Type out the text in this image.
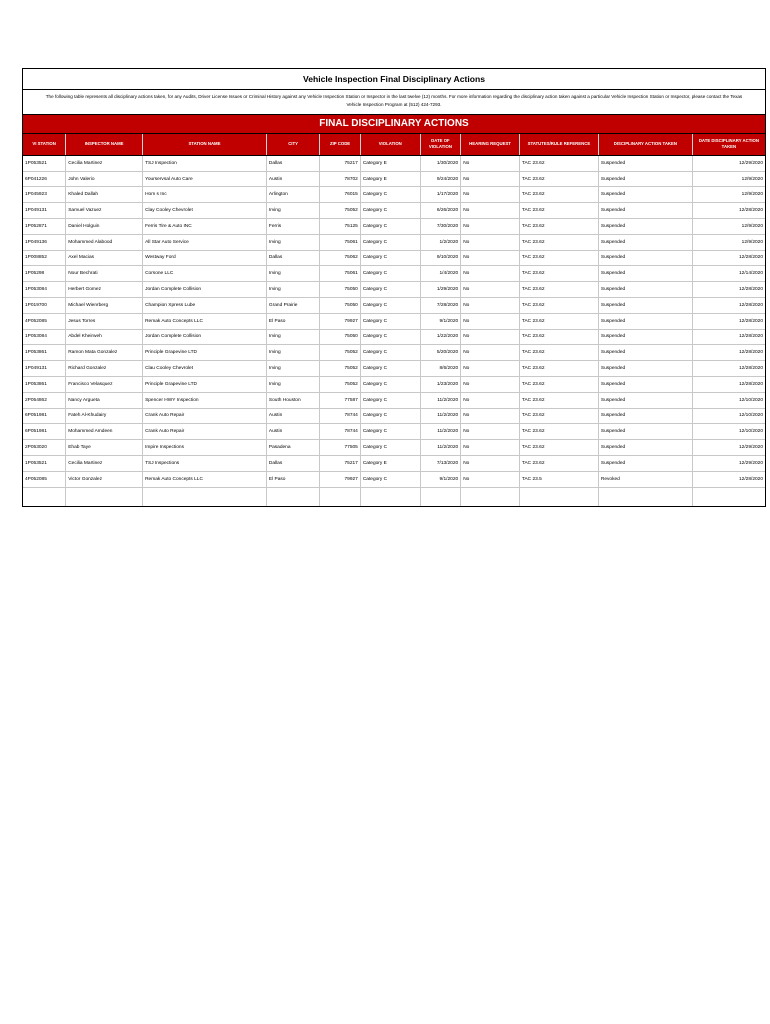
Vehicle Inspection Final Disciplinary Actions
The following table represents all disciplinary actions taken, for any Audits, Driver License Issues or Criminal History against any Vehicle Inspection Station or Inspector in the last twelve (12) months. For more information regarding the disciplinary action taken against a particular Vehicle Inspection Station or Inspector, please contact the Texas Vehicle Inspection Program at (512) 424-7293.
FINAL DISCIPLINARY ACTIONS
VI STATION	INSPECTOR NAME	STATION NAME	CITY	ZIP CODE	VIOLATION	DATE OF VIOLATION	HEARING REQUEST	STATUTES/RULE REFERENCE	DISCIPLINARY ACTION TAKEN	DATE DISCIPLINARY ACTION TAKEN
1P053521	Cecilia Martinez	TSJ Inspection	Dallas	75217	Category E	1/30/2020	No	TAC 23.62	Suspended	12/29/2020
6P041226	John Valerio	Yourservsal Auto Care	Austin	78702	Category E	9/24/2020	No	TAC 23.62	Suspended	12/9/2020
1P045923	Khaled Dallah	Hom s Inc	Arlington	76015	Category C	1/17/2020	No	TAC 23.62	Suspended	12/9/2020
1P049131	Samuel Vazuez	Clay Cooley Chevrolet	Irving	75052	Category C	6/26/2020	No	TAC 23.62	Suspended	12/28/2020
1P052871	Daniel Holguin	Ferris Tire & Auto INC	Ferris	75125	Category C	7/30/2020	No	TAC 23.62	Suspended	12/9/2020
1P049136	Mohammed Alabood	All Star Auto Service	Irving	75061	Category C	1/2/2020	No	TAC 23.62	Suspended	12/9/2020
1P008852	Axel Macias	Westway Ford	Dallas	75062	Category C	9/10/2020	No	TAC 23.62	Suspended	12/28/2020
1P05298	Nour Bechrati	Corsone LLC	Irving	75061	Category C	1/4/2020	No	TAC 23.62	Suspended	12/14/2020
1P053084	Herbert Gomez	Jordan Complete Collision	Irving	75050	Category C	1/29/2020	No	TAC 23.62	Suspended	12/28/2020
1P019700	Michael Wienrberg	Champion Xpress Lube	Grand Prairie	75050	Category C	7/28/2020	No	TAC 23.62	Suspended	12/28/2020
4P052085	Jesus Torres	Remak Auto Concepts LLC	El Paso	79927	Category C	9/1/2020	No	TAC 23.62	Suspended	12/28/2020
1P053084	Abdel Kheirweh	Jordan Complete Collision	Irving	75050	Category C	1/22/2020	No	TAC 23.62	Suspended	12/28/2020
1P053861	Ramon Mata Gonzalez	Principle Grapevine LTD	Irving	75052	Category C	5/20/2020	No	TAC 23.62	Suspended	12/28/2020
1P049131	Richard Gonzalez	Clau Cooley Chevrolet	Irving	75052	Category C	8/6/2020	No	TAC 23.62	Suspended	12/28/2020
1P053861	Francisco Velasquez	Principle Grapevine LTD	Irving	75052	Category C	1/23/2020	No	TAC 23.62	Suspended	12/28/2020
2P054862	Nancy Argueta	Spencer HWY Inspection	South Houston	77587	Category C	11/2/2020	No	TAC 23.62	Suspended	12/10/2020
6P051981	Fateh Al-Khudairy	Crank Auto Repair	Austin	78744	Category C	11/2/2020	No	TAC 23.62	Suspended	12/10/2020
6P051981	Mohammed Amdeen	Crank Auto Repair	Austin	78744	Category C	11/2/2020	No	TAC 23.62	Suspended	12/10/2020
2P053020	Ehab Taye	Impire Inspections	Pasadena	77505	Category C	11/2/2020	No	TAC 23.62	Suspended	12/29/2020
1P053521	Cecilia Martinez	TSJ Inspections	Dallas	75217	Category E	7/13/2020	No	TAC 23.62	Suspended	12/29/2020
4P052085	Victor Gonzalez	Remak Auto Concepts LLC	El Paso	79927	Category C	9/1/2020	No	TAC 23.5	Revoked	12/28/2020
